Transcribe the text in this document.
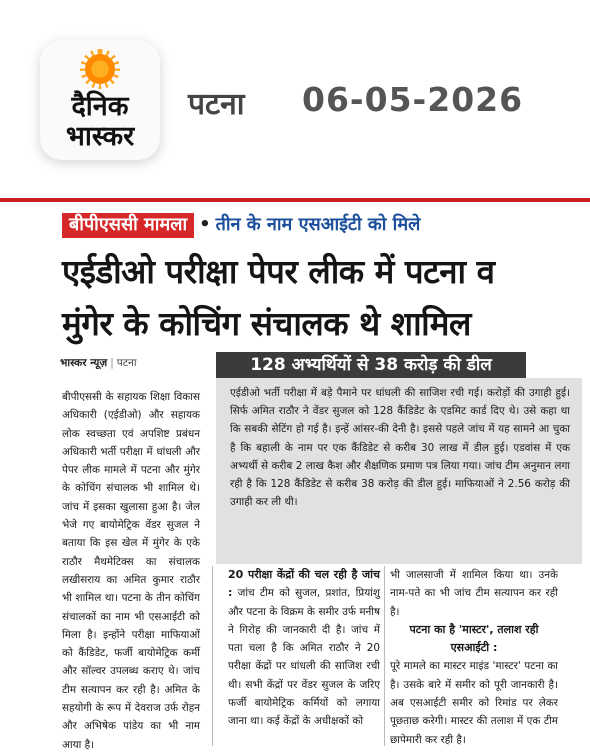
दैनिक
भास्कर
पटना 06-05-2026
बीपीएससी मामला • तीन के नाम एसआईटी को मिले
एईडीओ परीक्षा पेपर लीक में पटना व
मुंगेर के कोचिंग संचालक थे शामिल
भास्कर न्यूज़ | पटना	128 अभ्यर्थियों से 38 करोड़ की डील
एईडीओ भर्ती परीक्षा में बड़े पैमाने पर धांधली की साजिश रची गई। करोड़ों की उगाही हुई। सिर्फ अमित राठौर ने वेंडर सुजल को 128 कैंडिडेट के एडमिट कार्ड दिए थे। उसे कहा था कि सबकी सेटिंग हो गई है। इन्हें आंसर-की देनी है। इससे पहले जांच में यह सामने आ चुका है कि बहाली के नाम पर एक कैंडिडेट से करीब 30 लाख में डील हुई। एडवांस में एक अभ्यर्थी से करीब 2 लाख कैश और शैक्षणिक प्रमाण पत्र लिया गया। जांच टीम अनुमान लगा रही है कि 128 कैंडिडेट से करीब 38 करोड़ की डील हुई। माफियाओं ने 2.56 करोड़ की उगाही कर ली थी।
बीपीएससी के सहायक शिक्षा विकास अधिकारी (एईडीओ) और सहायक लोक स्वच्छता एवं अपशिष्ट प्रबंधन अधिकारी भर्ती परीक्षा में धांधली और पेपर लीक मामले में पटना और मुंगेर के कोचिंग संचालक भी शामिल थे। जांच में इसका खुलासा हुआ है। जेल भेजे गए बायोमेट्रिक वेंडर सुजल ने बताया कि इस खेल में मुंगेर के एके राठौर मैथमेटिक्स का संचालक लखीसराय का अमित कुमार राठौर भी शामिल था। पटना के तीन कोचिंग संचालकों का नाम भी एसआईटी को मिला है। इन्होंने परीक्षा माफियाओं को कैंडिडेट, फर्जी बायोमेट्रिक कर्मी और सॉल्वर उपलब्ध कराए थे। जांच टीम सत्यापन कर रही है। अमित के सहयोगी के रूप में देवराज उर्फ रोहन और अभिषेक पांडेय का भी नाम आया है।
20 परीक्षा केंद्रों की चल रही है जांच : जांच टीम को सुजल, प्रशांत, प्रियांशु और पटना के विक्रम के समीर उर्फ मनीष ने गिरोह की जानकारी दी है। जांच में पता चला है कि अमित राठौर ने 20 परीक्षा केंद्रों पर धांधली की साजिश रची थी। सभी केंद्रों पर वेंडर सुजल के जरिए फर्जी बायोमेट्रिक कर्मियों को लगाया जाना था। कई केंद्रों के अधीक्षकों को
भी जालसाजी में शामिल किया था। उनके नाम-पते का भी जांच टीम सत्यापन कर रही है।
पटना का है 'मास्टर', तलाश रही एसआईटी :
पूरे मामले का मास्टर माइंड 'मास्टर' पटना का है। उसके बारे में समीर को पूरी जानकारी है। अब एसआईटी समीर को रिमांड पर लेकर पूछताछ करेगी। मास्टर की तलाश में एक टीम छापेमारी कर रही है।
